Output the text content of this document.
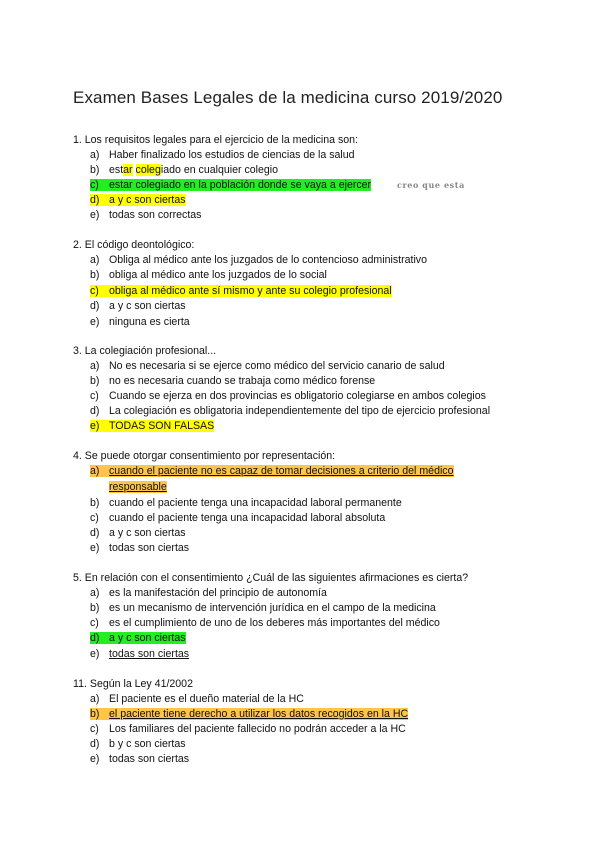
Examen Bases Legales de la medicina curso 2019/2020
1. Los requisitos legales para el ejercicio de la medicina son:
a) Haber finalizado los estudios de ciencias de la salud
b) estar colegiado en cualquier colegio
c) estar colegiado en la población donde se vaya a ejercer
d) a y c son ciertas
e) todas son correctas
creo que esta
2. El código deontológico:
a) Obliga al médico ante los juzgados de lo contencioso administrativo
b) obliga al médico ante los juzgados de lo social
c) obliga al médico ante sí mismo y ante su colegio profesional
d) a y c son ciertas
e) ninguna es cierta
3. La colegiación profesional...
a) No es necesaria si se ejerce como médico del servicio canario de salud
b) no es necesaria cuando se trabaja como médico forense
c) Cuando se ejerza en dos provincias es obligatorio colegiarse en ambos colegios
d) La colegiación es obligatoria independientemente del tipo de ejercicio profesional
e) TODAS SON FALSAS
4. Se puede otorgar consentimiento por representación:
a) cuando el paciente no es capaz de tomar decisiones a criterio del médico
responsable
b) cuando el paciente tenga una incapacidad laboral permanente
c) cuando el paciente tenga una incapacidad laboral absoluta
d) a y c son ciertas
e) todas son ciertas
5. En relación con el consentimiento ¿Cuál de las siguientes afirmaciones es cierta?
a) es la manifestación del principio de autonomía
b) es un mecanismo de intervención jurídica en el campo de la medicina
c) es el cumplimiento de uno de los deberes más importantes del médico
d) a y c son ciertas
e) todas son ciertas
11. Según la Ley 41/2002
a) El paciente es el dueño material de la HC
b) el paciente tiene derecho a utilizar los datos recogidos en la HC
c) Los familiares del paciente fallecido no podrán acceder a la HC
d) b y c son ciertas
e) todas son ciertas
